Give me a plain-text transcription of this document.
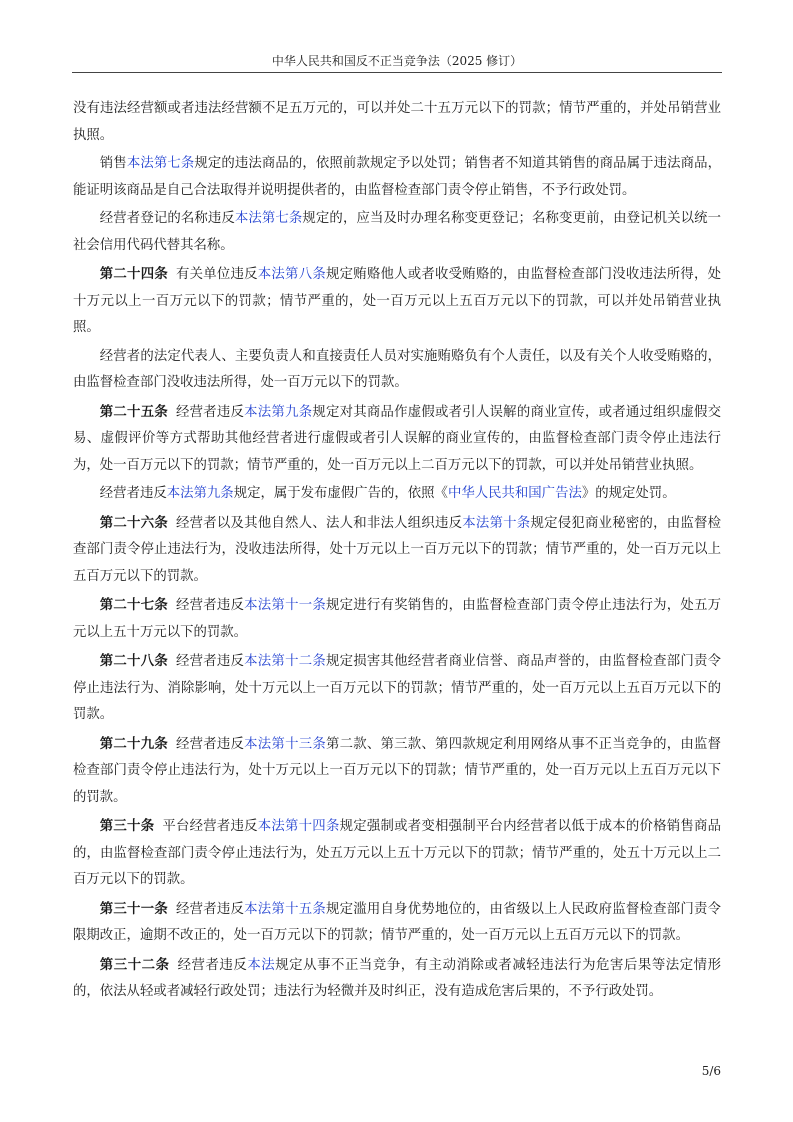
中华人民共和国反不正当竞争法（2025 修订）

没有违法经营额或者违法经营额不足五万元的，可以并处二十五万元以下的罚款；情节严重的，并处吊销营业执照。

销售本法第七条规定的违法商品的，依照前款规定予以处罚；销售者不知道其销售的商品属于违法商品，能证明该商品是自己合法取得并说明提供者的，由监督检查部门责令停止销售，不予行政处罚。

经营者登记的名称违反本法第七条规定的，应当及时办理名称变更登记；名称变更前，由登记机关以统一社会信用代码代替其名称。

第二十四条 有关单位违反本法第八条规定贿赂他人或者收受贿赂的，由监督检查部门没收违法所得，处十万元以上一百万元以下的罚款；情节严重的，处一百万元以上五百万元以下的罚款，可以并处吊销营业执照。

经营者的法定代表人、主要负责人和直接责任人员对实施贿赂负有个人责任，以及有关个人收受贿赂的，由监督检查部门没收违法所得，处一百万元以下的罚款。

第二十五条 经营者违反本法第九条规定对其商品作虚假或者引人误解的商业宣传，或者通过组织虚假交易、虚假评价等方式帮助其他经营者进行虚假或者引人误解的商业宣传的，由监督检查部门责令停止违法行为，处一百万元以下的罚款；情节严重的，处一百万元以上二百万元以下的罚款，可以并处吊销营业执照。

经营者违反本法第九条规定，属于发布虚假广告的，依照《中华人民共和国广告法》的规定处罚。

第二十六条 经营者以及其他自然人、法人和非法人组织违反本法第十条规定侵犯商业秘密的，由监督检查部门责令停止违法行为，没收违法所得，处十万元以上一百万元以下的罚款；情节严重的，处一百万元以上五百万元以下的罚款。

第二十七条 经营者违反本法第十一条规定进行有奖销售的，由监督检查部门责令停止违法行为，处五万元以上五十万元以下的罚款。

第二十八条 经营者违反本法第十二条规定损害其他经营者商业信誉、商品声誉的，由监督检查部门责令停止违法行为、消除影响，处十万元以上一百万元以下的罚款；情节严重的，处一百万元以上五百万元以下的罚款。

第二十九条 经营者违反本法第十三条第二款、第三款、第四款规定利用网络从事不正当竞争的，由监督检查部门责令停止违法行为，处十万元以上一百万元以下的罚款；情节严重的，处一百万元以上五百万元以下的罚款。

第三十条 平台经营者违反本法第十四条规定强制或者变相强制平台内经营者以低于成本的价格销售商品的，由监督检查部门责令停止违法行为，处五万元以上五十万元以下的罚款；情节严重的，处五十万元以上二百万元以下的罚款。

第三十一条 经营者违反本法第十五条规定滥用自身优势地位的，由省级以上人民政府监督检查部门责令限期改正，逾期不改正的，处一百万元以下的罚款；情节严重的，处一百万元以上五百万元以下的罚款。

第三十二条 经营者违反本法规定从事不正当竞争，有主动消除或者减轻违法行为危害后果等法定情形的，依法从轻或者减轻行政处罚；违法行为轻微并及时纠正，没有造成危害后果的，不予行政处罚。

5/6
